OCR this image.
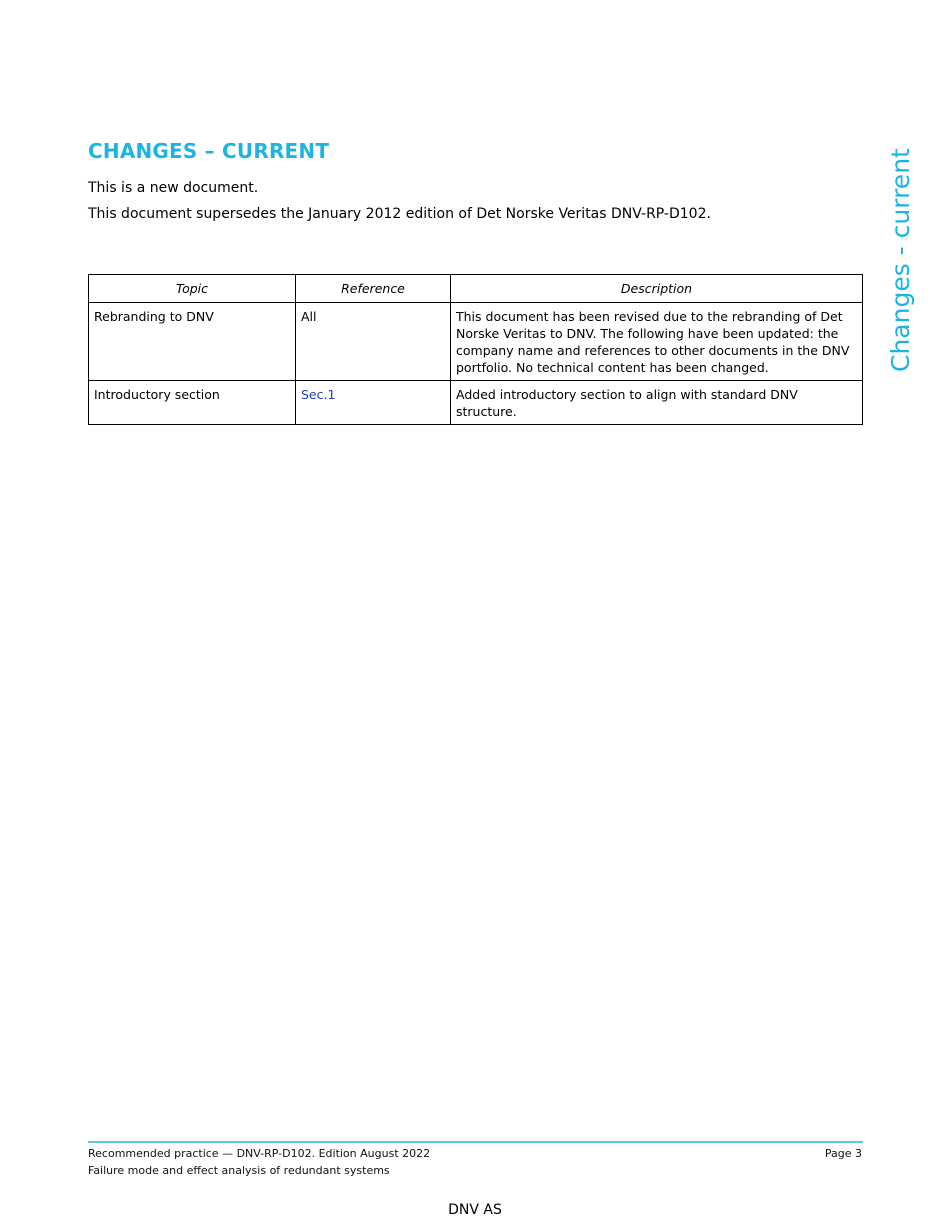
CHANGES – CURRENT

This is a new document.

This document supersedes the January 2012 edition of Det Norske Veritas DNV-RP-D102.

Topic	Reference	Description
Rebranding to DNV	All	This document has been revised due to the rebranding of Det Norske Veritas to DNV. The following have been updated: the company name and references to other documents in the DNV portfolio. No technical content has been changed.
Introductory section	Sec.1	Added introductory section to align with standard DNV structure.
Changes - current
Recommended practice — DNV-RP-D102. Edition August 2022
Failure mode and effect analysis of redundant systems
Page 3
DNV AS
